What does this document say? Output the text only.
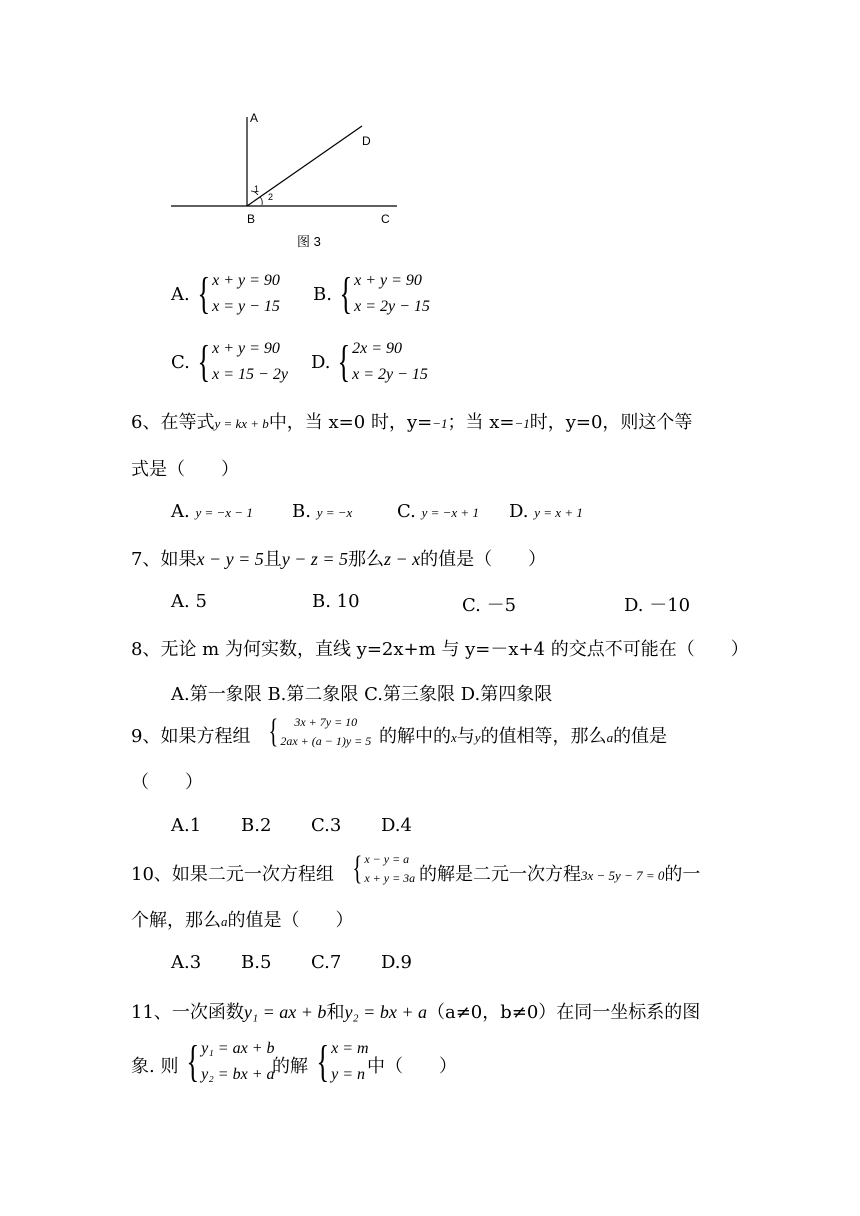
A
D
1
2
B	C
图 3
A. { x + y = 90
x = y − 15
B. { x + y = 90
x = 2y − 15
C. { x + y = 90
x = 15 − 2y
D. { 2x = 90
x = 2y − 15
6、在等式y = kx + b中，当 x=0 时，y=−1；当 x=−1时，y=0，则这个等
式是（　　）
A. y = −x − 1 B. y = −x C. y = −x + 1 D. y = x + 1
7、如果x − y = 5且y − z = 5那么z − x的值是（　　）
A. 5	B. 10	C. －5	D. －10
8、无论 m 为何实数，直线 y=2x+m 与 y=－x+4 的交点不可能在（　　）
A.第一象限 B.第二象限 C.第三象限 D.第四象限
9、如果方程组 {	3x + 7y = 10
2ax + (a − 1)y = 5 的解中的x与y的值相等，那么a的值是
（　　）
A.1 B.2 C.3 D.4
10、如果二元一次方程组 { x − y = a
x + y = 3a 的解是二元一次方程3x − 5y − 7 = 0的一
个解，那么a的值是（　　）
A.3 B.5 C.7 D.9
11、一次函数y₁ = ax + b和y₂ = bx + a（a≠0，b≠0）在同一坐标系的图
象. 则 { y₁ = ax + b
y₂ = bx + a
的解 { x = m
y = n 中（　　）
